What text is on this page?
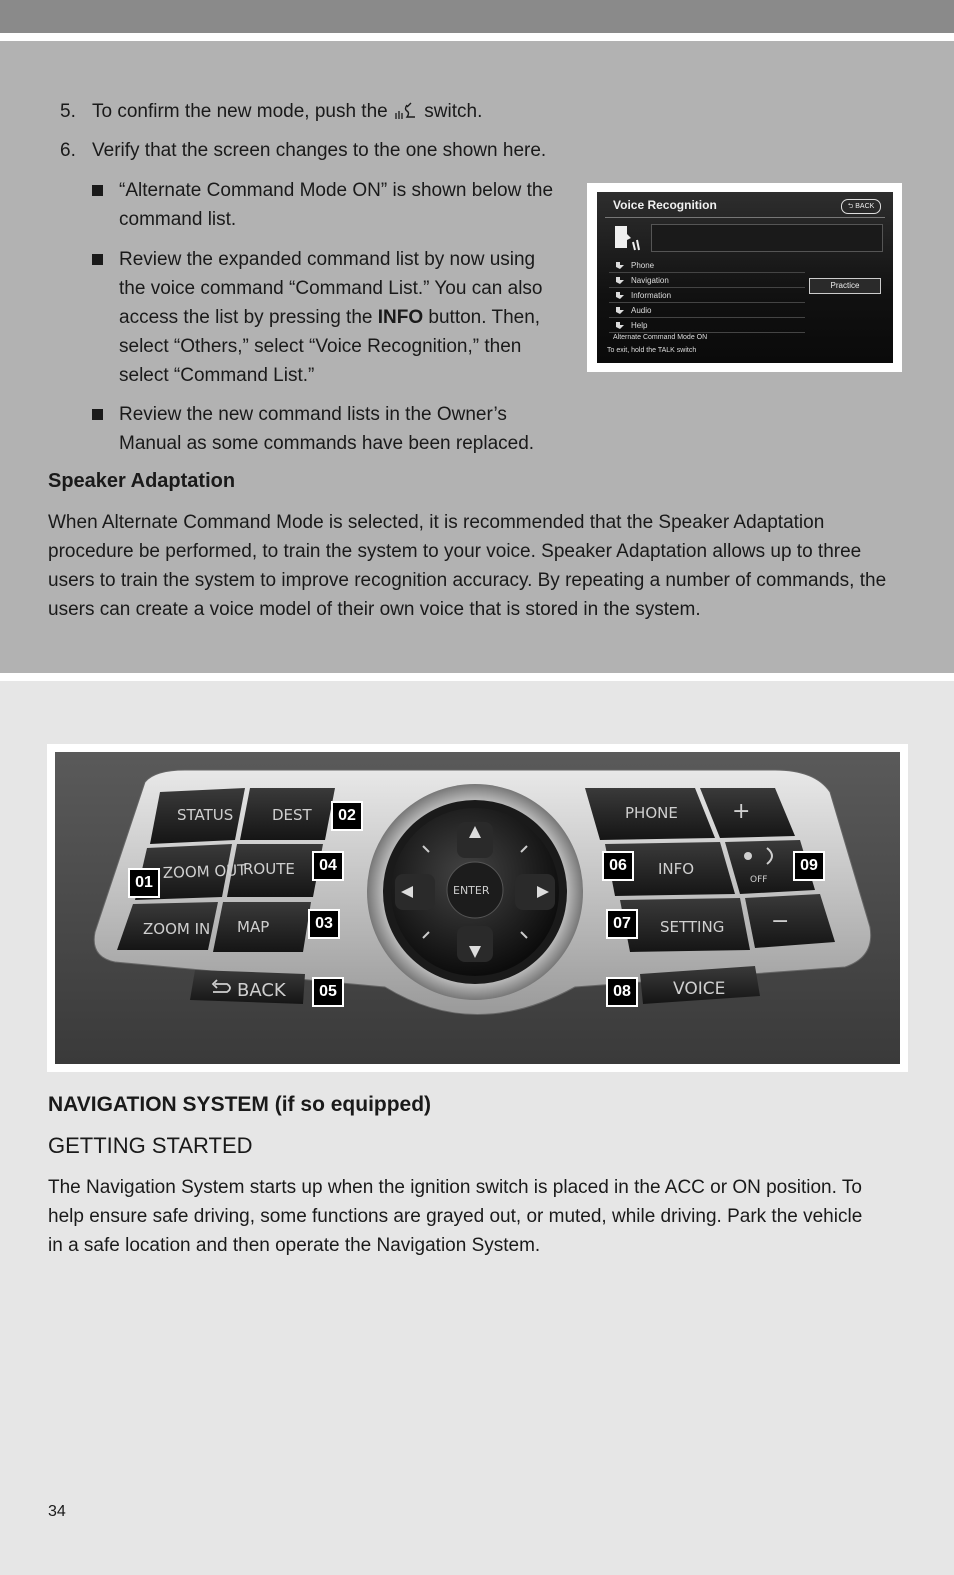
5. To confirm the new mode, push the switch.
6. Verify that the screen changes to the one shown here.
“Alternate Command Mode ON” is shown below the command list.
Review the expanded command list by now using the voice command “Command List.” You can also access the list by pressing the INFO button. Then, select “Others,” select “Voice Recognition,” then select “Command List.”
Review the new command lists in the Owner’s Manual as some commands have been replaced.
Voice Recognition	⮌ BACK
Phone
Navigation
Information
Audio
Help
Practice
Alternate Command Mode ON
To exit, hold the TALK switch
Speaker Adaptation
When Alternate Command Mode is selected, it is recommended that the Speaker Adaptation procedure be performed, to train the system to your voice. Speaker Adaptation allows up to three users to train the system to improve recognition accuracy. By repeating a number of commands, the users can create a voice model of their own voice that is stored in the system.
STATUS	DEST
ZOOM OUT
ROUTE
ZOOM IN MAP
BACK
PHONE +
INFO
OFF
SETTING −
VOICE
ENTER
01
02
03
04
05
06
07
08
09
NAVIGATION SYSTEM (if so equipped)
GETTING STARTED
The Navigation System starts up when the ignition switch is placed in the ACC or ON position. To help ensure safe driving, some functions are grayed out, or muted, while driving. Park the vehicle in a safe location and then operate the Navigation System.
34
